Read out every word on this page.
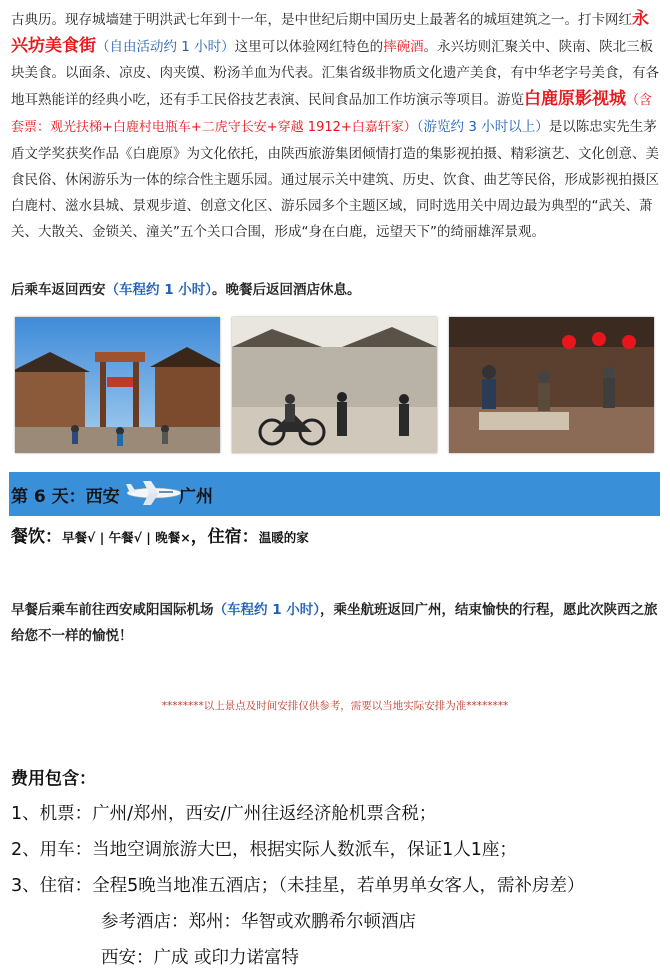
古典历。现存城墙建于明洪武七年到十一年，是中世纪后期中国历史上最著名的城垣建筑之一。打卡网红永兴坊美食街（自由活动约 1 小时）这里可以体验网红特色的摔碗酒。永兴坊则汇聚关中、陕南、陕北三板块美食。以面条、凉皮、肉夹馍、粉汤羊血为代表。汇集省级非物质文化遗产美食，有中华老字号美食，有各地耳熟能详的经典小吃，还有手工民俗技艺表演、民间食品加工作坊演示等项目。游览白鹿原影视城（含套票：观光扶梯+白鹿村电瓶车+二虎守长安+穿越 1912+白嘉轩家）（游览约 3 小时以上）是以陈忠实先生茅盾文学奖获奖作品《白鹿原》为文化依托，由陕西旅游集团倾情打造的集影视拍摄、精彩演艺、文化创意、美食民俗、休闲游乐为一体的综合性主题乐园。通过展示关中建筑、历史、饮食、曲艺等民俗，形成影视拍摄区白鹿村、滋水县城、景观步道、创意文化区、游乐园多个主题区域，同时选用关中周边最为典型的“武关、萧关、大散关、金锁关、潼关”五个关口合围，形成“身在白鹿，远望天下”的绮丽雄浑景观。

后乘车返回西安（车程约 1 小时）。晚餐后返回酒店休息。

第 6 天：西安	广州
餐饮：早餐√ | 午餐√ | 晚餐×，住宿：温暖的家

早餐后乘车前往西安咸阳国际机场（车程约 1 小时），乘坐航班返回广州，结束愉快的行程，愿此次陕西之旅给您不一样的愉悦！

********以上景点及时间安排仅供参考，需要以当地实际安排为准********
费用包含：
1、机票：广州/郑州，西安/广州往返经济舱机票含税；
2、用车：当地空调旅游大巴，根据实际人数派车，保证1人1座；
3、住宿：全程5晚当地准五酒店；（未挂星，若单男单女客人，需补房差）
参考酒店：郑州：华智或欢鹏希尔顿酒店
西安：广成 或印力诺富特
